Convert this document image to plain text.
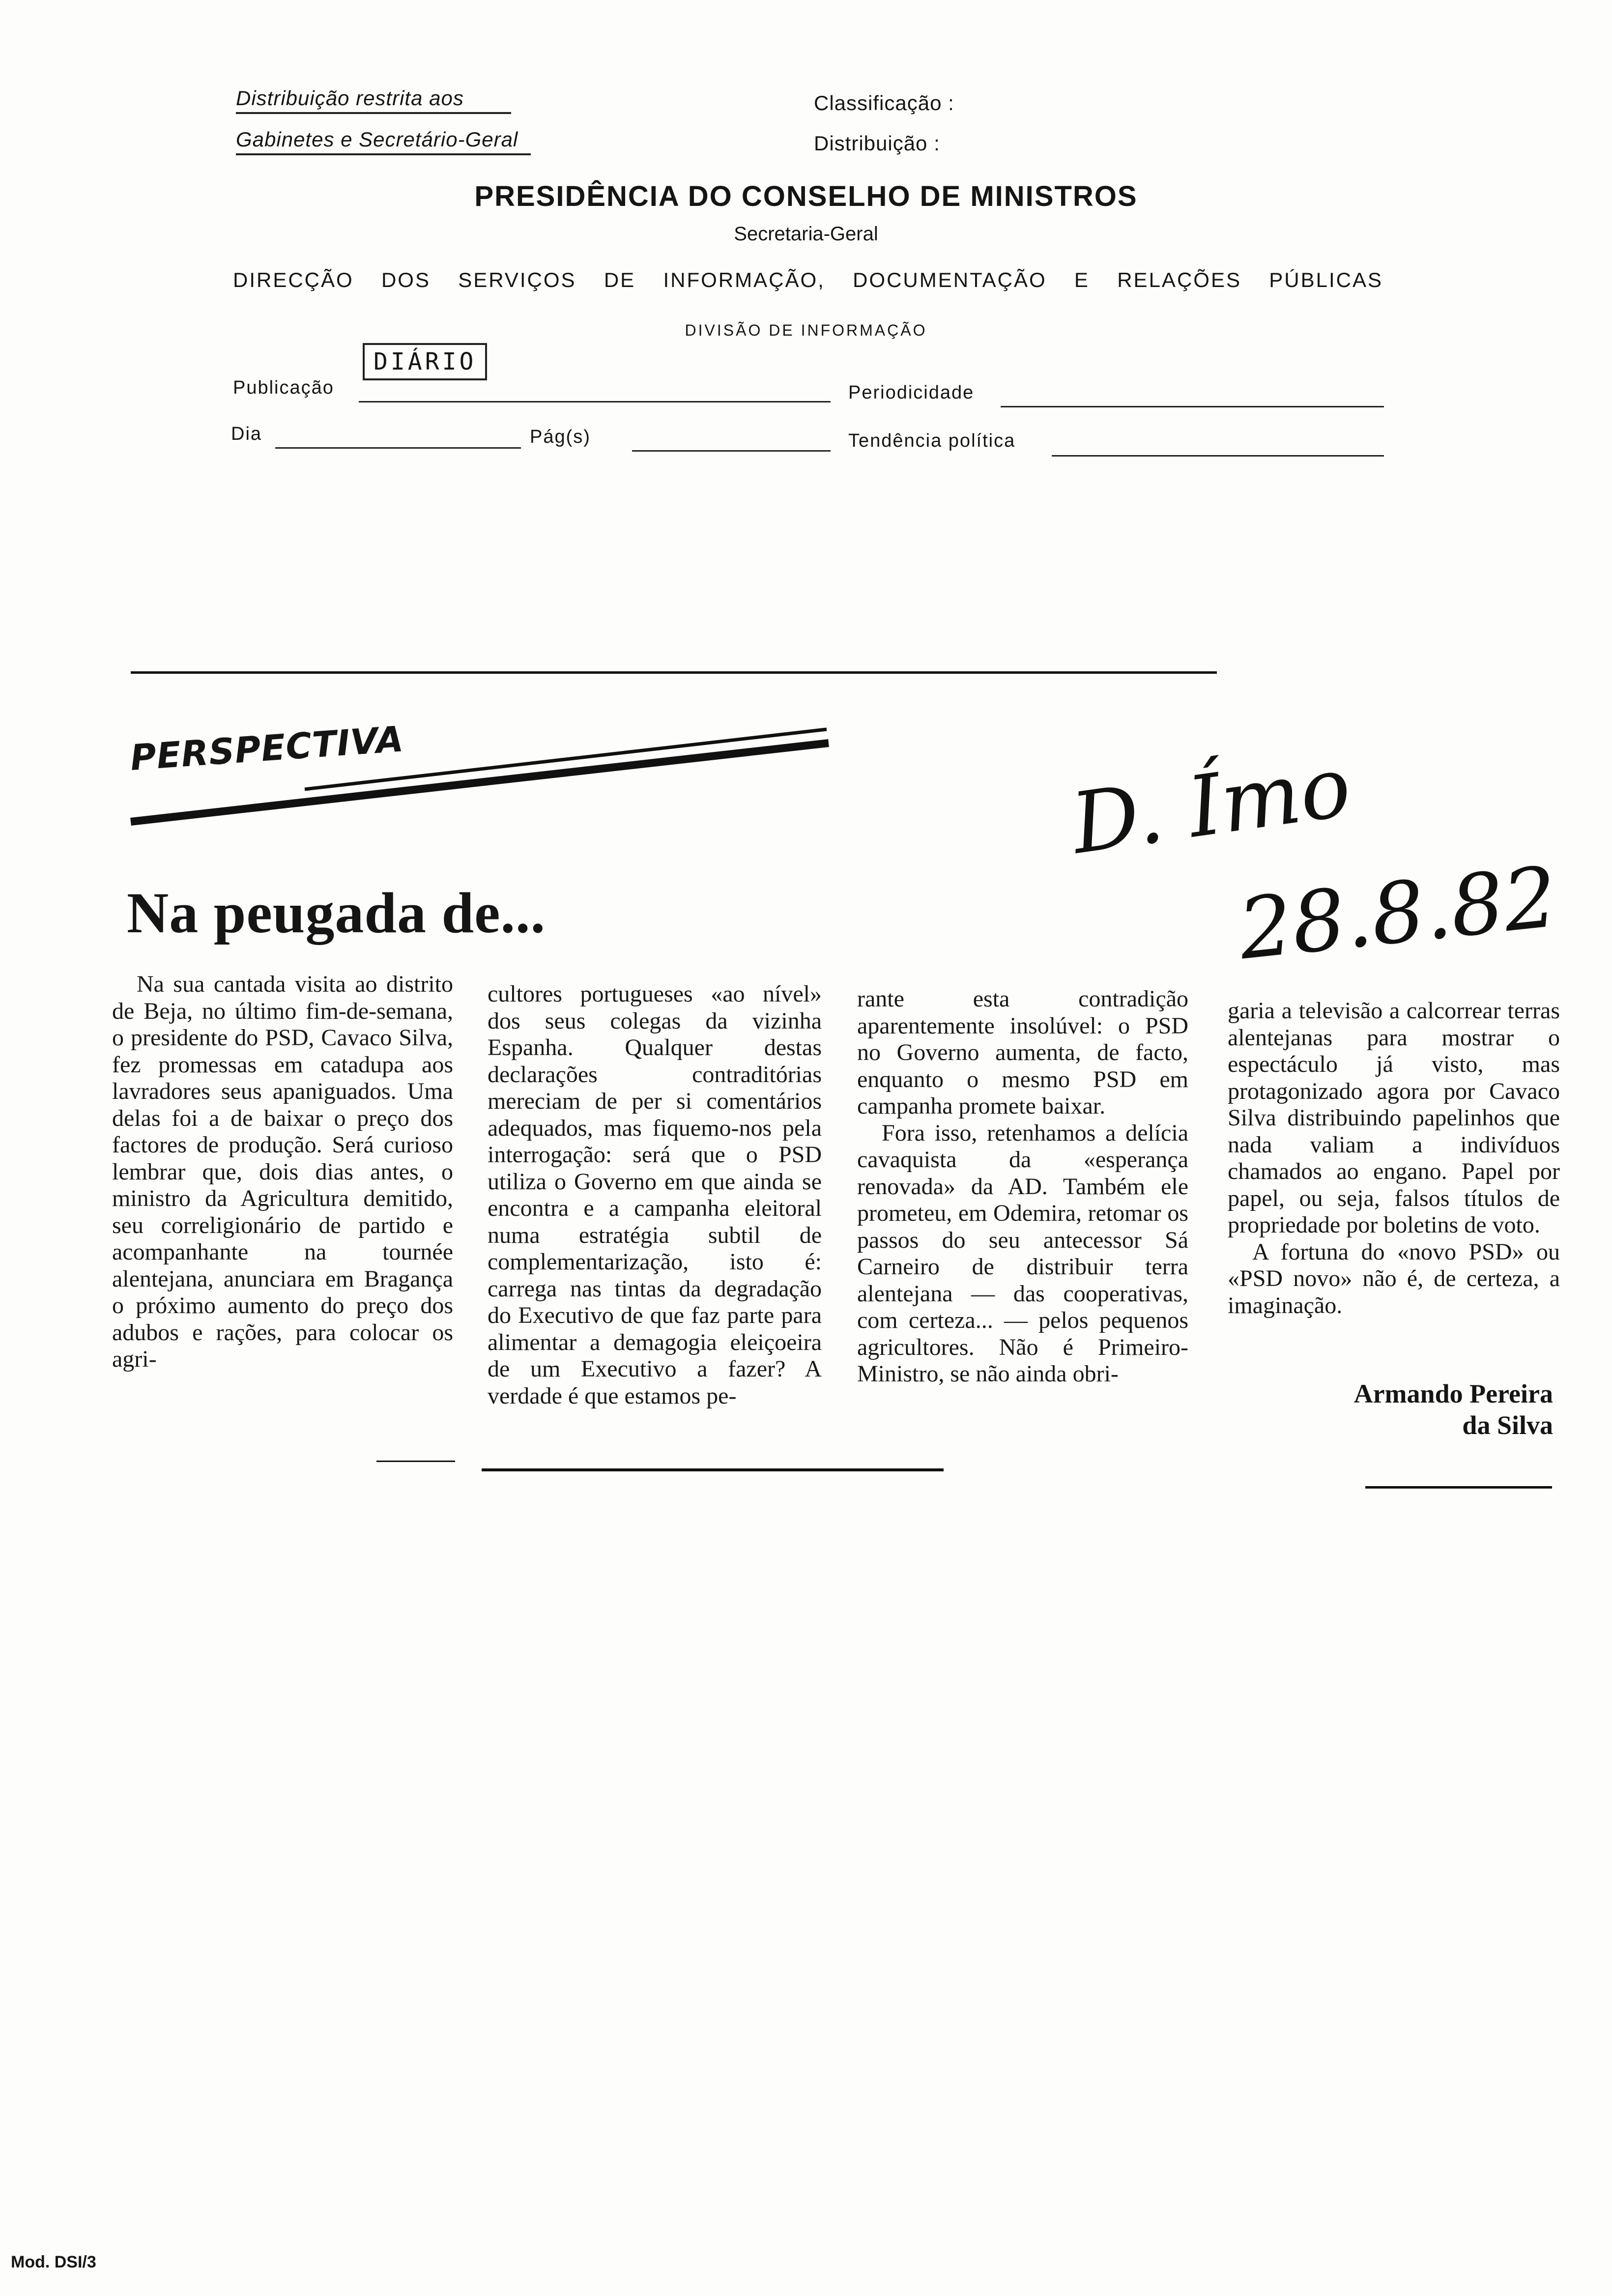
Distribuição restrita aos
Gabinetes e Secretário-Geral
Classificação :
Distribuição :
PRESIDÊNCIA DO CONSELHO DE MINISTROS
Secretaria-Geral
DIRECÇÃO DOS SERVIÇOS DE INFORMAÇÃO, DOCUMENTAÇÃO E RELAÇÕES PÚBLICAS
DIVISÃO DE INFORMAÇÃO
Publicação
DIÁRIO
Periodicidade
Dia	Pág(s)	Tendência política
PERSPECTIVA
Na peugada de...

Na sua cantada visita ao distrito de Beja, no último fim-de-semana, o presidente do PSD, Cavaco Silva, fez promessas em catadupa aos lavradores seus apaniguados. Uma delas foi a de baixar o preço dos factores de produção. Será curioso lembrar que, dois dias antes, o ministro da Agricultura demitido, seu correligionário de partido e acompanhante na tournée alentejana, anunciara em Bragança o próximo aumento do preço dos adubos e rações, para colocar os agri-

cultores portugueses «ao nível» dos seus colegas da vizinha Espanha. Qualquer destas declarações contraditórias mereciam de per si comentários adequados, mas fiquemo-nos pela interrogação: será que o PSD utiliza o Governo em que ainda se encontra e a campanha eleitoral numa estratégia subtil de complementarização, isto é: carrega nas tintas da degradação do Executivo de que faz parte para alimentar a demagogia eleiçoeira de um Executivo a fazer? A verdade é que estamos pe-

rante esta contradição aparentemente insolúvel: o PSD no Governo aumenta, de facto, enquanto o mesmo PSD em campanha promete baixar.

Fora isso, retenhamos a delícia cavaquista da «esperança renovada» da AD. Também ele prometeu, em Odemira, retomar os passos do seu antecessor Sá Carneiro de distribuir terra alentejana — das cooperativas, com certeza... — pelos pequenos agricultores. Não é Primeiro-Ministro, se não ainda obri-

garia a televisão a calcorrear terras alentejanas para mostrar o espectáculo já visto, mas protagonizado agora por Cavaco Silva distribuindo papelinhos que nada valiam a indivíduos chamados ao engano. Papel por papel, ou seja, falsos títulos de propriedade por boletins de voto.

A fortuna do «novo PSD» ou «PSD novo» não é, de certeza, a imaginação.

Armando Pereira
da Silva
D. Ímo
28.8.82
Mod. DSI/3
